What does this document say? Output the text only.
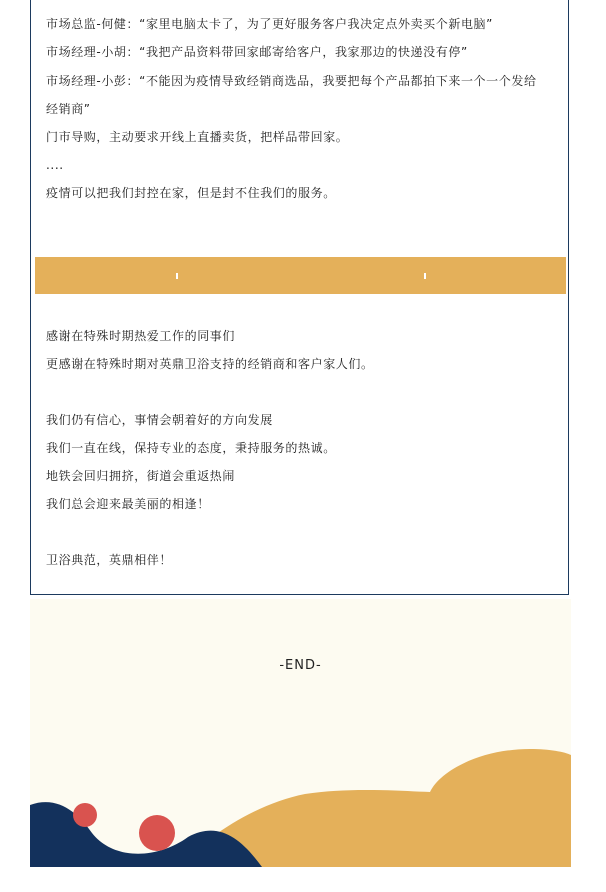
市场总监-何健：“家里电脑太卡了，为了更好服务客户我决定点外卖买个新电脑”
市场经理-小胡：“我把产品资料带回家邮寄给客户，我家那边的快递没有停”
市场经理-小彭：“不能因为疫情导致经销商选品，我要把每个产品都拍下来一个一个发给
经销商”
门市导购，主动要求开线上直播卖货，把样品带回家。
....
疫情可以把我们封控在家，但是封不住我们的服务。
感谢在特殊时期热爱工作的同事们
更感谢在特殊时期对英鼎卫浴支持的经销商和客户家人们。
我们仍有信心，事情会朝着好的方向发展
我们一直在线，保持专业的态度，秉持服务的热诚。
地铁会回归拥挤，街道会重返热闹
我们总会迎来最美丽的相逢！
卫浴典范，英鼎相伴！
-END-
